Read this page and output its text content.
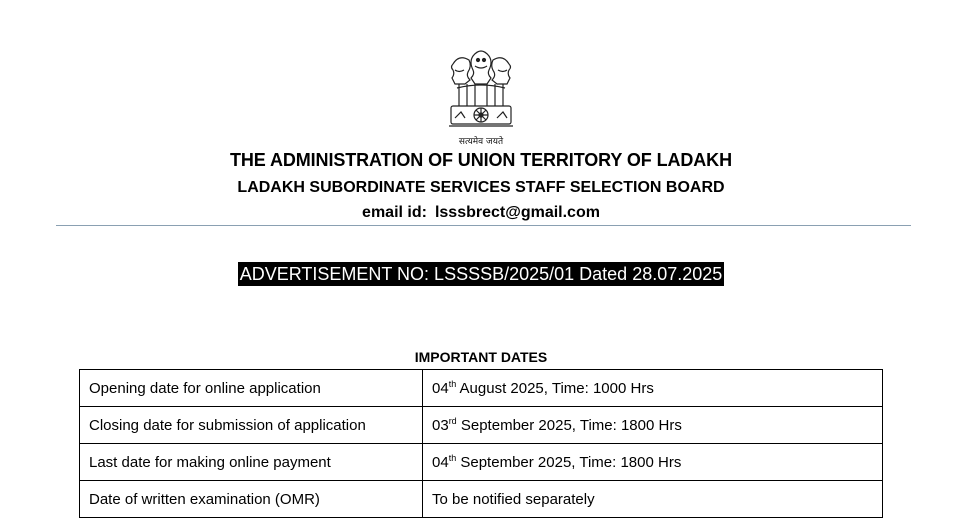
सत्यमेव जयते
THE ADMINISTRATION OF UNION TERRITORY OF LADAKH
LADAKH SUBORDINATE SERVICES STAFF SELECTION BOARD
email id: lsssbrect@gmail.com
ADVERTISEMENT NO: LSSSSB/2025/01 Dated 28.07.2025
IMPORTANT DATES
Opening date for online application	04th August 2025, Time: 1000 Hrs
Closing date for submission of application	03rd September 2025, Time: 1800 Hrs
Last date for making online payment	04th September 2025, Time: 1800 Hrs
Date of written examination (OMR)	To be notified separately
